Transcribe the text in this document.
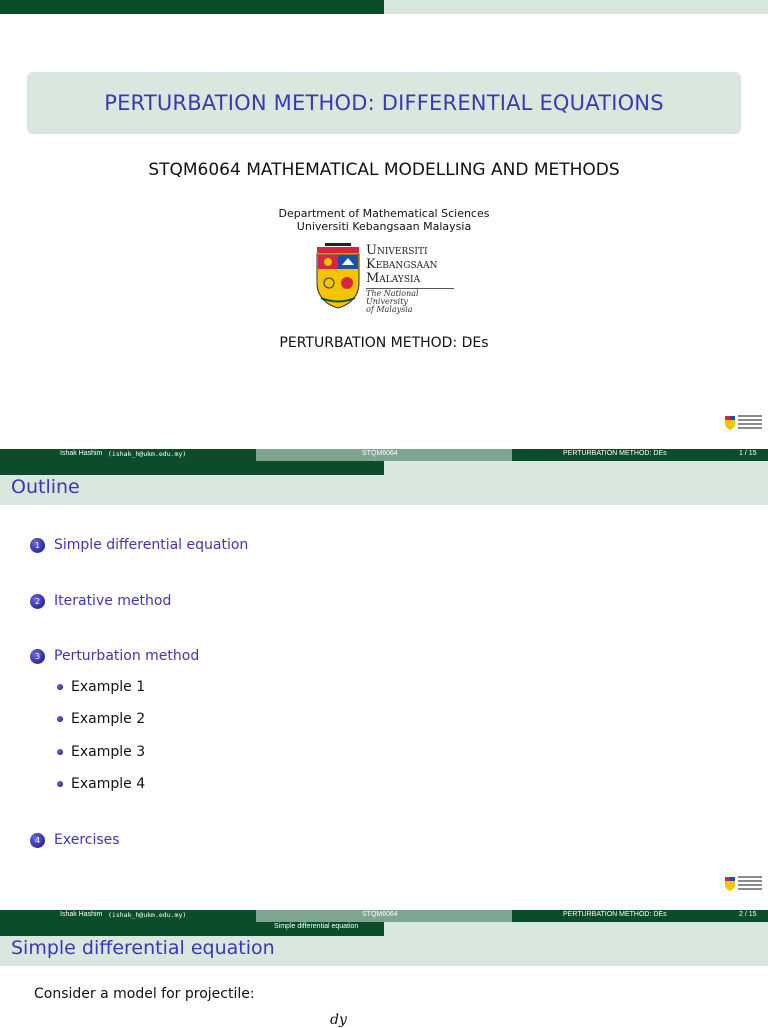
PERTURBATION METHOD: DIFFERENTIAL EQUATIONS
STQM6064 MATHEMATICAL MODELLING AND METHODS
Department of Mathematical Sciences
Universiti Kebangsaan Malaysia
Universiti
Kebangsaan
Malaysia
The National University
of Malaysia
PERTURBATION METHOD: DEs
Ishak Hashim (ishak_h@ukm.edu.my)	STQM6064	PERTURBATION METHOD: DEs	1 / 15
Outline
1 Simple differential equation
2 Iterative method
3 Perturbation method
Example 1
Example 2
Example 3
Example 4
4 Exercises
Ishak Hashim (ishak_h@ukm.edu.my)	STQM6064	PERTURBATION METHOD: DEs	2 / 15
Simple differential equation
Simple differential equation
Consider a model for projectile:
dy
